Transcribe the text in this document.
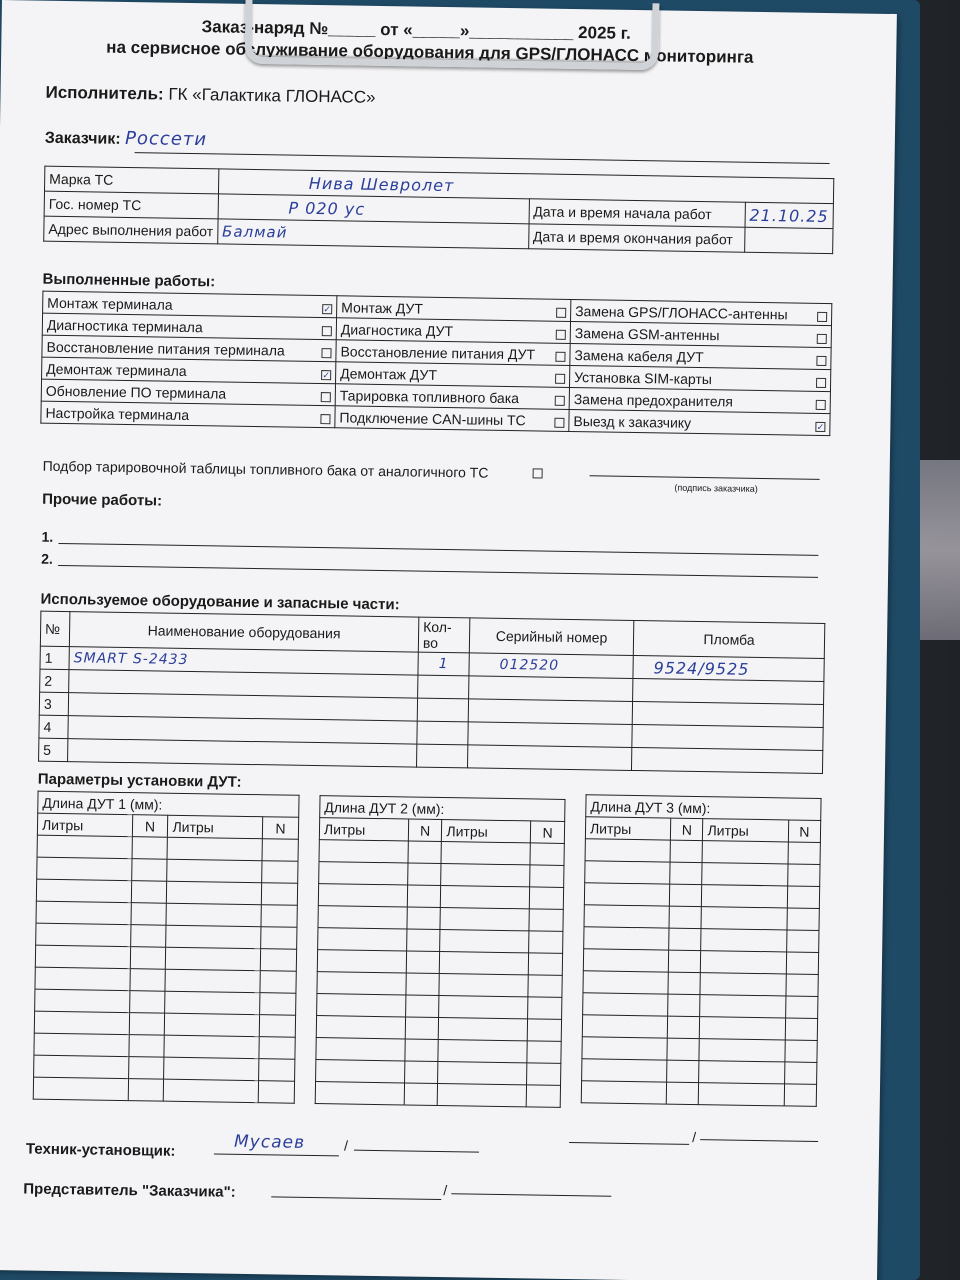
Заказ-наряд №_____ от «_____»___________ 2025 г.
на сервисное обслуживание оборудования для GPS/ГЛОНАСС мониторинга
Исполнитель: ГК «Галактика ГЛОНАСС»
Заказчик: Россети
Марка ТС	Нива Шевролет		
Гос. номер ТС	Р 020 ус	Дата и время начала работ	21.10.25
Адрес выполнения работ	Балмай	Дата и время окончания работ	
Выполненные работы:
Монтаж терминала ✓	Монтаж ДУТ	Замена GPS/ГЛОНАСС-антенны

Диагностика терминала	Диагностика ДУТ	Замена GSM-антенны

Восстановление питания терминала	Восстановление питания ДУТ	Замена кабеля ДУТ

Демонтаж терминала ✓	Демонтаж ДУТ	Установка SIM-карты

Обновление ПО терминала	Тарировка топливного бака	Замена предохранителя

Настройка терминала	Подключение CAN-шины ТС	Выезд к заказчику ✓
Подбор тарировочной таблицы топливного бака от аналогичного ТС
(подпись заказчика)
Прочие работы:
1.
2.
Используемое оборудование и запасные части:
№	Наименование оборудования	Кол-во	Серийный номер	Пломба
1	SMART S-2433	1	012520	9524/9525
2				
3				
4				
5				
Параметры установки ДУТ:
Длина ДУТ 1 (мм):			
Литры	N	Литры	N

Длина ДУТ 2 (мм):			
Литры	N	Литры	N

Длина ДУТ 3 (мм):			
Литры	N	Литры	N

Техник-установщик:	Мусаев	/
/
Представитель "Заказчика":	/
